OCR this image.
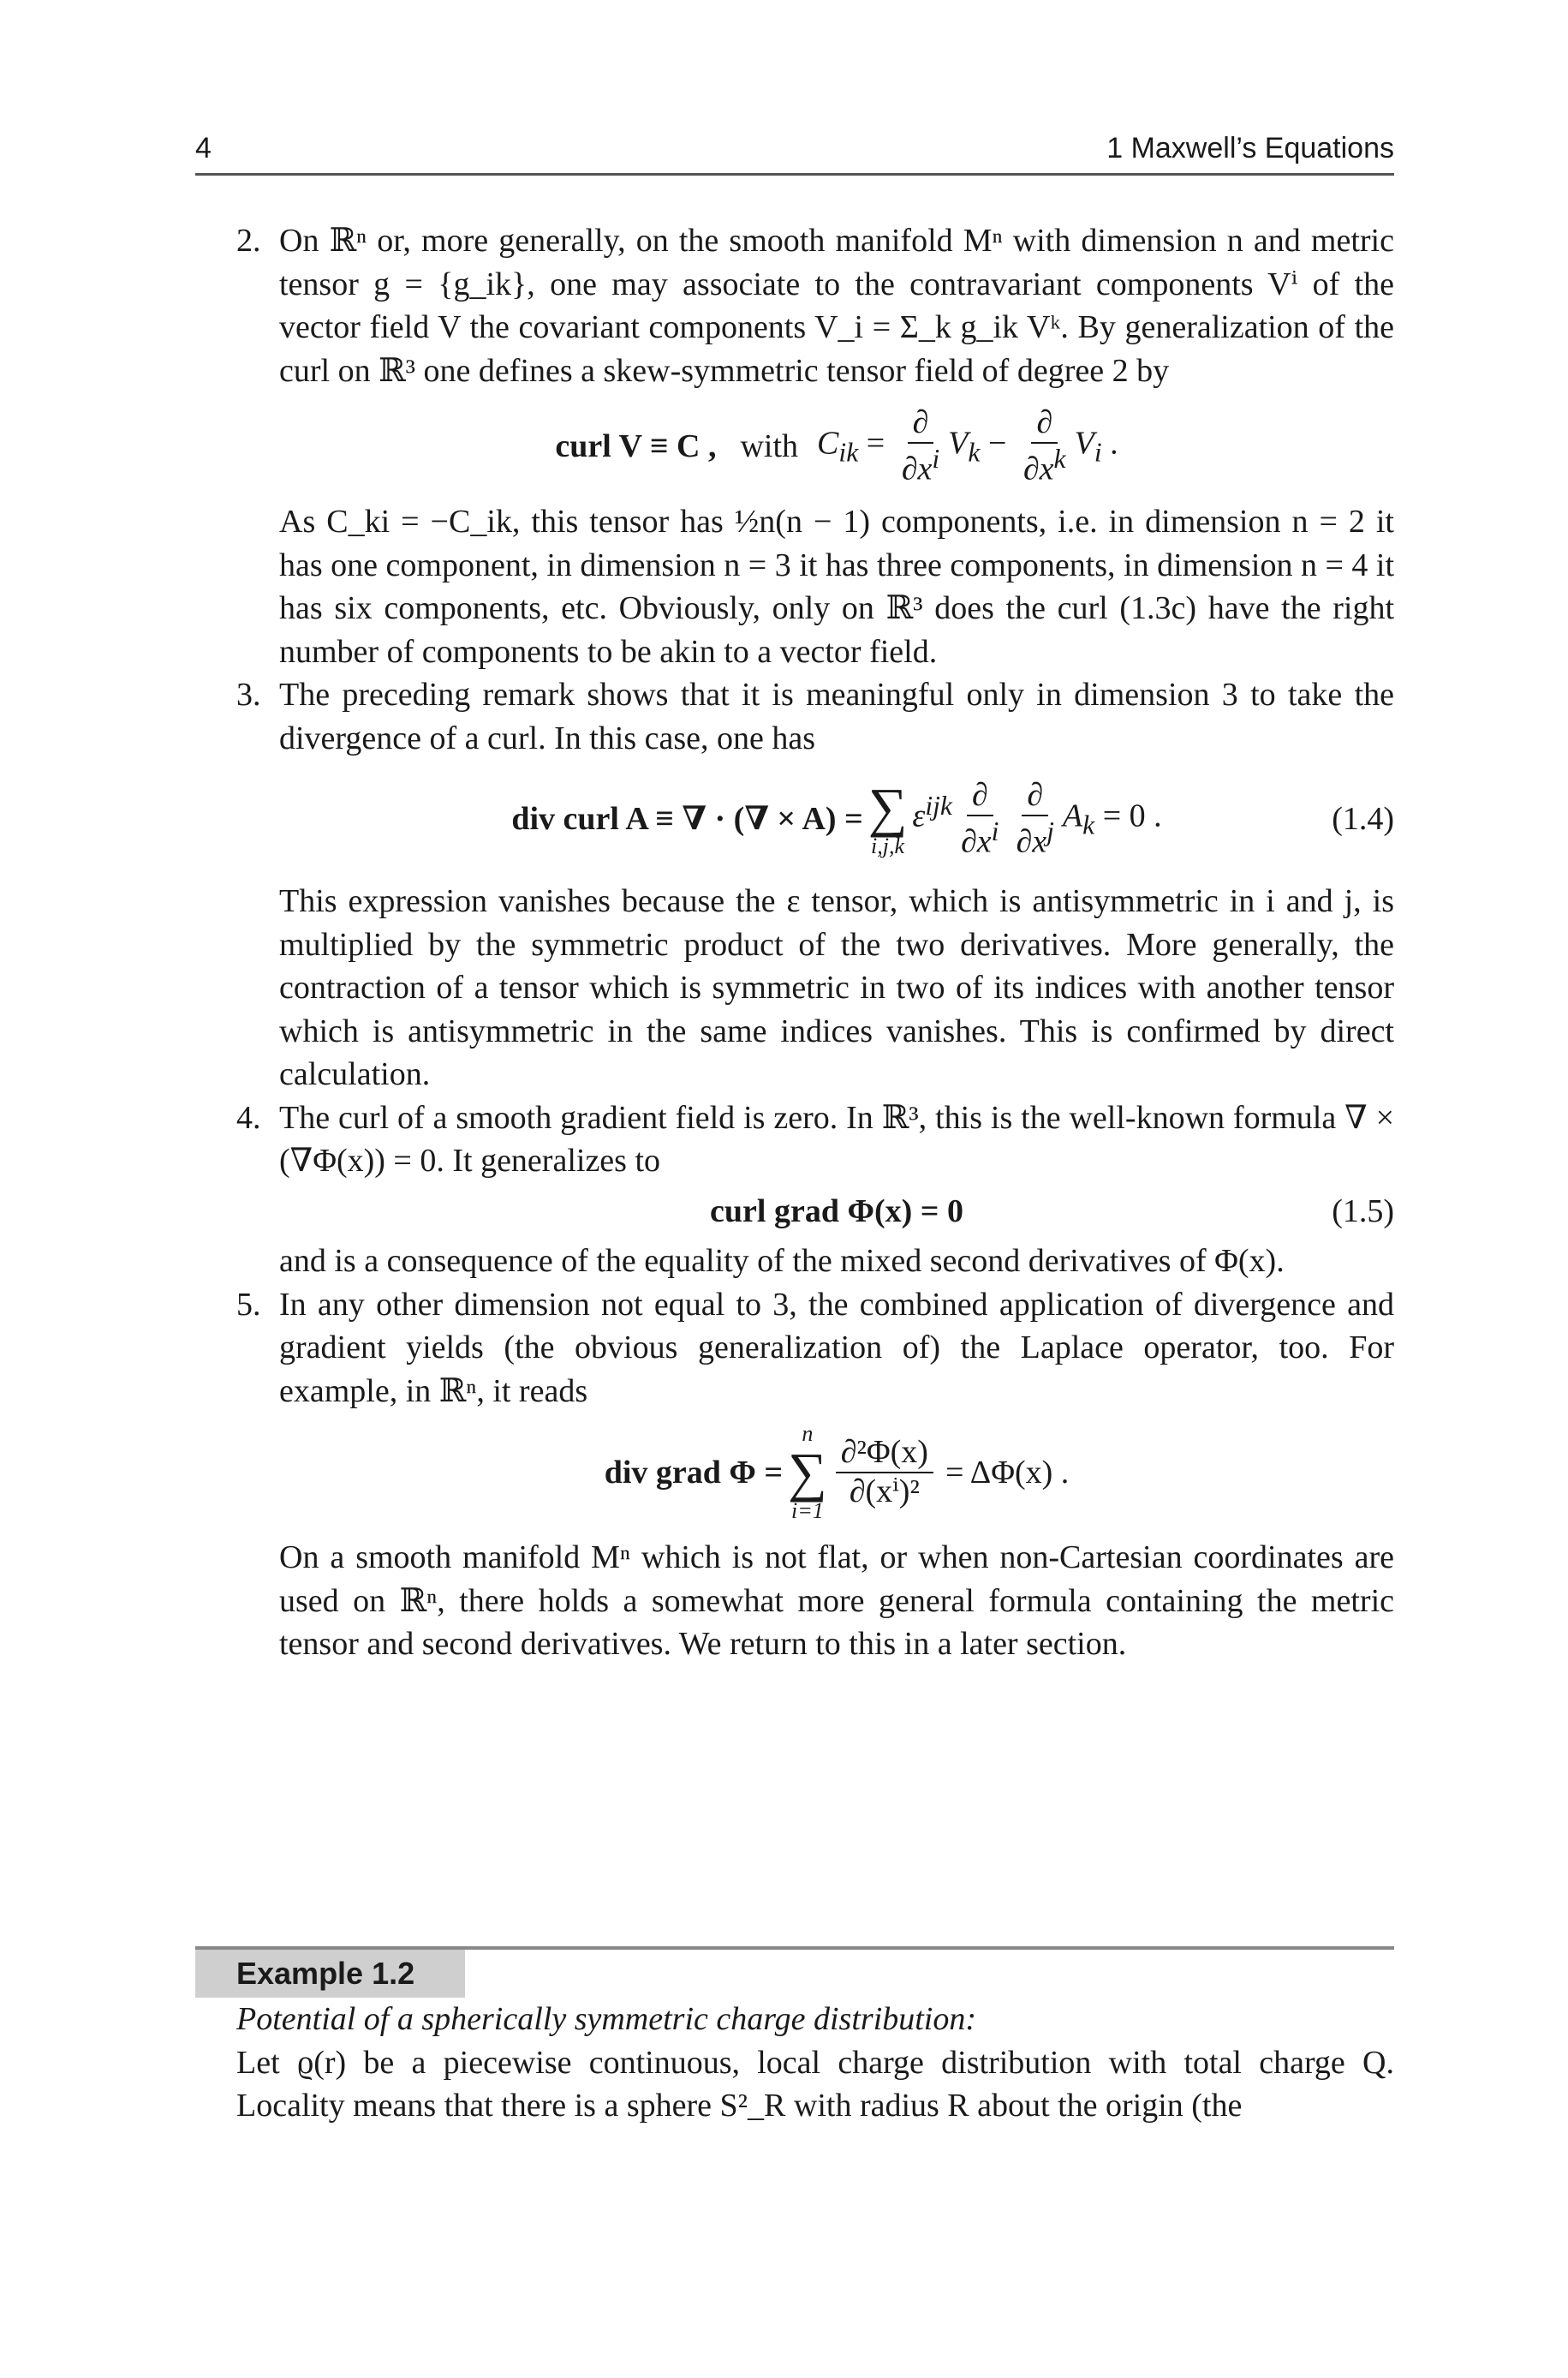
4	1 Maxwell’s Equations
2. On ℝⁿ or, more generally, on the smooth manifold Mⁿ with dimension n and metric tensor g = {g_ik}, one may associate to the contravariant components Vⁱ of the vector field V the covariant components V_i = Σ_k g_ik Vᵏ. By generalization of the curl on ℝ³ one defines a skew-symmetric tensor field of degree 2 by

curl V ≡ C , with $C_{ik} = \frac{\partial}{\partial x^i} V_k - \frac{\partial}{\partial x^k} V_i$ .

As C_ki = −C_ik, this tensor has ½n(n − 1) components, i.e. in dimension n = 2 it has one component, in dimension n = 3 it has three components, in dimension n = 4 it has six components, etc. Obviously, only on ℝ³ does the curl (1.3c) have the right number of components to be akin to a vector field.

3. The preceding remark shows that it is meaningful only in dimension 3 to take the divergence of a curl. In this case, one has

div curl A ≡ ∇ · (∇ × A) = ∑
i,j,k
$\varepsilon^{ijk} \frac{\partial}{\partial x^i} \frac{\partial}{\partial x^j} A_k = 0$ .	(1.4)

This expression vanishes because the ε tensor, which is antisymmetric in i and j, is multiplied by the symmetric product of the two derivatives. More generally, the contraction of a tensor which is symmetric in two of its indices with another tensor which is antisymmetric in the same indices vanishes. This is confirmed by direct calculation.

4. The curl of a smooth gradient field is zero. In ℝ³, this is the well-known formula ∇ × (∇Φ(x)) = 0. It generalizes to

curl grad Φ(x) = 0	(1.5)

and is a consequence of the equality of the mixed second derivatives of Φ(x).

5. In any other dimension not equal to 3, the combined application of divergence and gradient yields (the obvious generalization of) the Laplace operator, too. For example, in ℝⁿ, it reads

div grad Φ =
n
∑
$i=1 \frac{\text{∂²Φ(x)}}{\text{∂(xⁱ)²}} = \Delta\Phi(x)$ .

On a smooth manifold Mⁿ which is not flat, or when non-Cartesian coordinates are used on ℝⁿ, there holds a somewhat more general formula containing the metric tensor and second derivatives. We return to this in a later section.

Example 1.2

Potential of a spherically symmetric charge distribution:

Let ϱ(r) be a piecewise continuous, local charge distribution with total charge Q. Locality means that there is a sphere S²_R with radius R about the origin (the
